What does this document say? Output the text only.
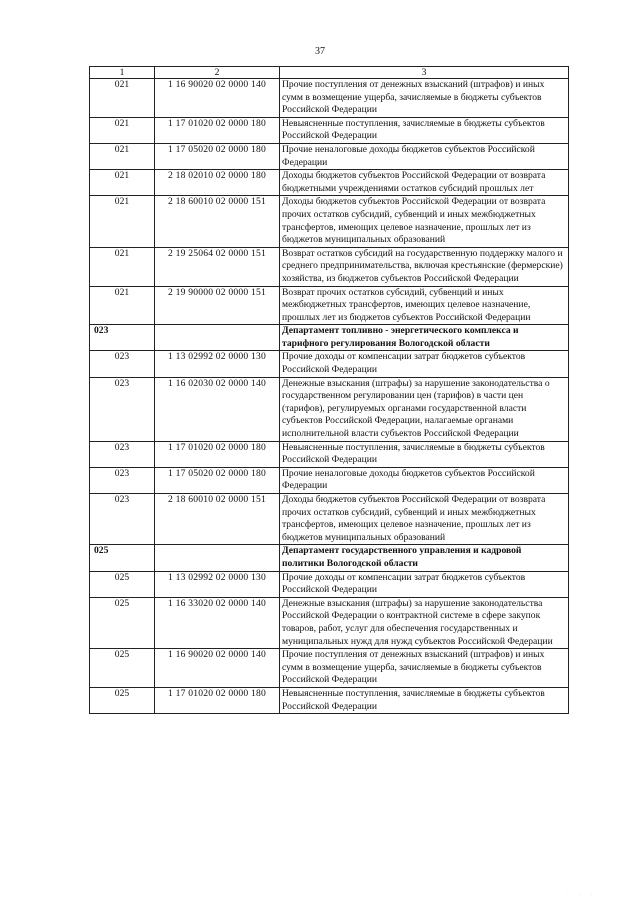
37
1	2	3
021	1 16 90020 02 0000 140	Прочие поступления от денежных взысканий (штрафов) и иных сумм в возмещение ущерба, зачисляемые в бюджеты субъектов Российской Федерации
021	1 17 01020 02 0000 180	Невыясненные поступления, зачисляемые в бюджеты субъектов Российской Федерации
021	1 17 05020 02 0000 180	Прочие неналоговые доходы бюджетов субъектов Российской Федерации
021	2 18 02010 02 0000 180	Доходы бюджетов субъектов Российской Федерации от возврата бюджетными учреждениями остатков субсидий прошлых лет
021	2 18 60010 02 0000 151	Доходы бюджетов субъектов Российской Федерации от возврата прочих остатков субсидий, субвенций и иных межбюджетных трансфертов, имеющих целевое назначение, прошлых лет из бюджетов муниципальных образований
021	2 19 25064 02 0000 151	Возврат остатков субсидий на государственную поддержку малого и среднего предпринимательства, включая крестьянские (фермерские) хозяйства, из бюджетов субъектов Российской Федерации
021	2 19 90000 02 0000 151	Возврат прочих остатков субсидий, субвенций и иных межбюджетных трансфертов, имеющих целевое назначение, прошлых лет из бюджетов субъектов Российской Федерации
023		Департамент топливно - энергетического комплекса и тарифного регулирования Вологодской области
023	1 13 02992 02 0000 130	Прочие доходы от компенсации затрат бюджетов субъектов Российской Федерации
023	1 16 02030 02 0000 140	Денежные взыскания (штрафы) за нарушение законодательства о государственном регулировании цен (тарифов) в части цен (тарифов), регулируемых органами государственной власти субъектов Российской Федерации, налагаемые органами исполнительной власти субъектов Российской Федерации
023	1 17 01020 02 0000 180	Невыясненные поступления, зачисляемые в бюджеты субъектов Российской Федерации
023	1 17 05020 02 0000 180	Прочие неналоговые доходы бюджетов субъектов Российской Федерации
023	2 18 60010 02 0000 151	Доходы бюджетов субъектов Российской Федерации от возврата прочих остатков субсидий, субвенций и иных межбюджетных трансфертов, имеющих целевое назначение, прошлых лет из бюджетов муниципальных образований
025		Департамент государственного управления и кадровой политики Вологодской области
025	1 13 02992 02 0000 130	Прочие доходы от компенсации затрат бюджетов субъектов Российской Федерации
025	1 16 33020 02 0000 140	Денежные взыскания (штрафы) за нарушение законодательства Российской Федерации о контрактной системе в сфере закупок товаров, работ, услуг для обеспечения государственных и муниципальных нужд для нужд субъектов Российской Федерации
025	1 16 90020 02 0000 140	Прочие поступления от денежных взысканий (штрафов) и иных сумм в возмещение ущерба, зачисляемые в бюджеты субъектов Российской Федерации
025	1 17 01020 02 0000 180	Невыясненные поступления, зачисляемые в бюджеты субъектов Российской Федерации
· · ·
